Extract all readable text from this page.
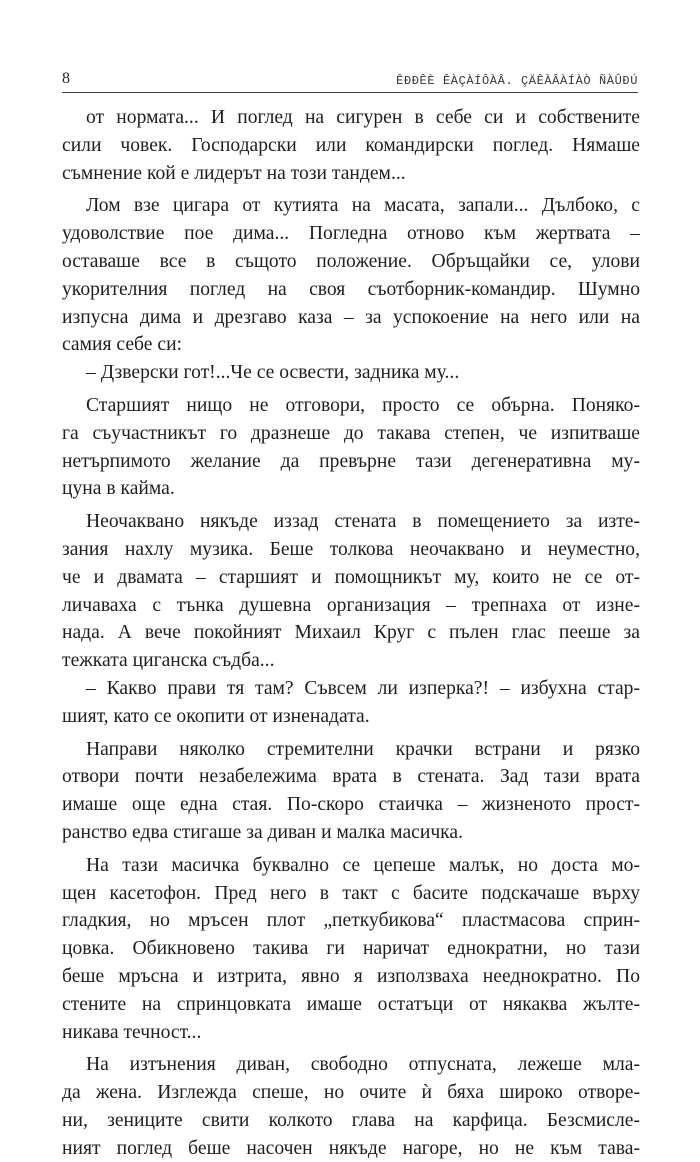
8	ÊÐÐÊÈ ÊÀÇÀÍÔÀÂ. ÇÄÊÀÂÀÍÀÒ ÑÀÛÐÚ
от нормата... И поглед на сигурен в себе си и собствените
сили човек. Господарски или командирски поглед. Нямаше
съмнение кой е лидерът на този тандем...
Лом взе цигара от кутията на масата, запали... Дълбоко, с
удоволствие пое дима... Погледна отново към жертвата –
оставаше все в същото положение. Обръщайки се, улови
укорителния поглед на своя съотборник-командир. Шумно
изпусна дима и дрезгаво каза – за успокоение на него или на
самия себе си:
– Дзверски гот!...Че се освести, задника му...
Старшият нищо не отговори, просто се обърна. Поняко-
га съучастникът го дразнеше до такава степен, че изпитваше
нетърпимото желание да превърне тази дегенеративна му-
цуна в кайма.
Неочаквано някъде иззад стената в помещението за изте-
зания нахлу музика. Беше толкова неочаквано и неуместно,
че и двамата – старшият и помощникът му, които не се от-
личаваха с тънка душевна организация – трепнаха от изне-
нада. А вече покойният Михаил Круг с пълен глас пееше за
тежката циганска съдба...
– Какво прави тя там? Съвсем ли изперка?! – избухна стар-
шият, като се окопити от изненадата.
Направи няколко стремителни крачки встрани и рязко
отвори почти незабележима врата в стената. Зад тази врата
имаше още една стая. По-скоро стаичка – жизненото прост-
ранство едва стигаше за диван и малка масичка.
На тази масичка буквално се цепеше малък, но доста мо-
щен касетофон. Пред него в такт с басите подскачаше върху
гладкия, но мръсен плот „петкубикова“ пластмасова сприн-
цовка. Обикновено такива ги наричат еднократни, но тази
беше мръсна и изтрита, явно я използваха нееднократно. По
стените на спринцовката имаше остатъци от някаква жълте-
никава течност...
На изтънения диван, свободно отпусната, лежеше мла-
да жена. Изглежда спеше, но очите ѝ бяха широко отворе-
ни, зениците свити колкото глава на карфица. Безсмисле-
ният поглед беше насочен някъде нагоре, но не към тава-
